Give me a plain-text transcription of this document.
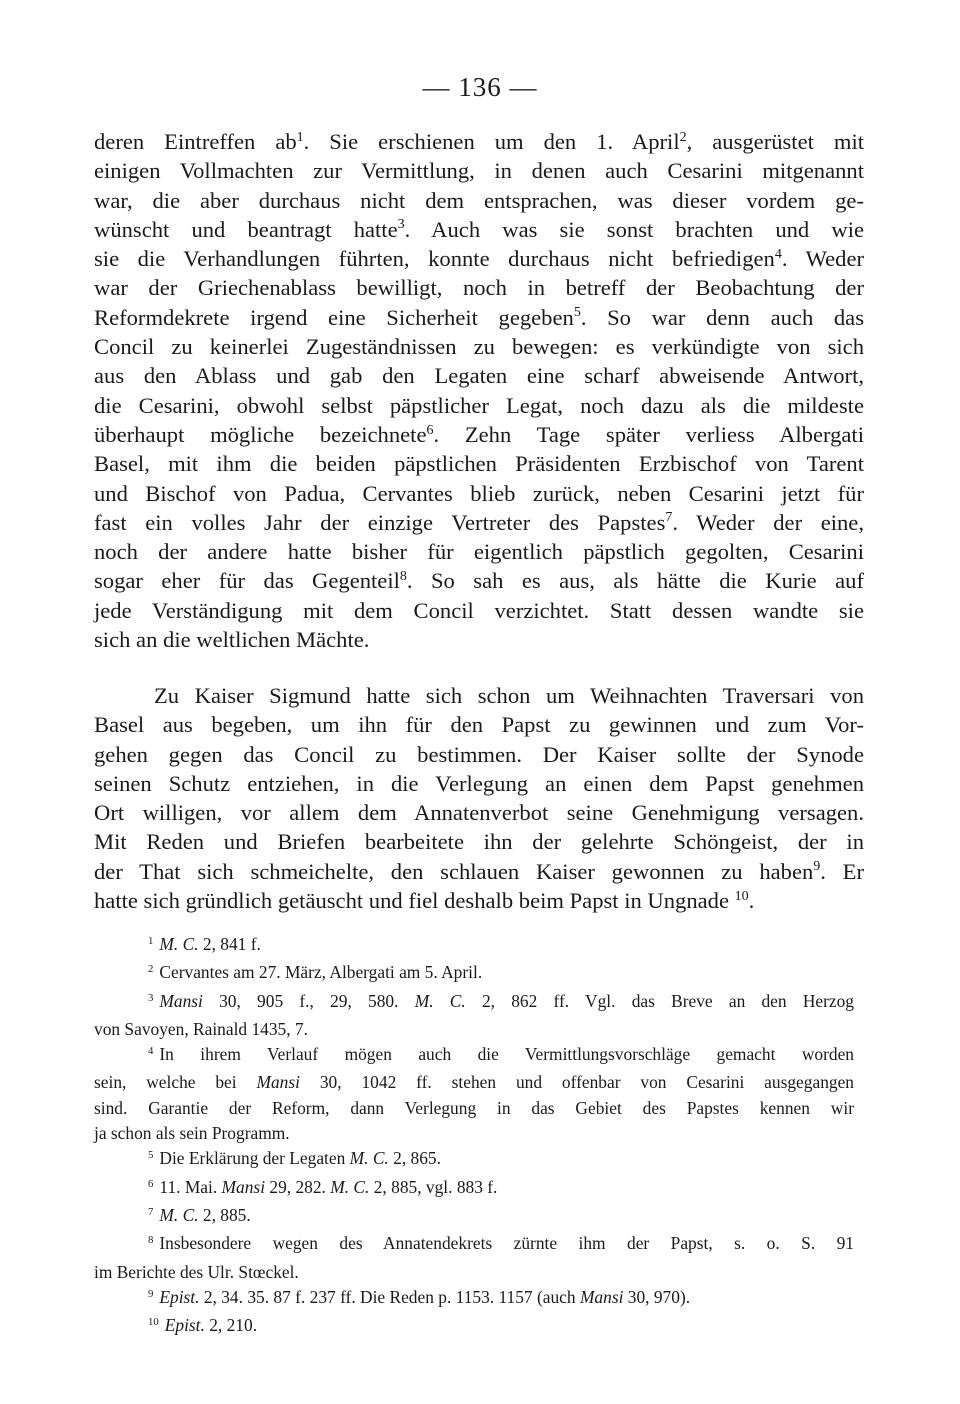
— 136 —
deren Eintreffen $ab^1$. Sie erschienen um den 1. April$^2$, ausgerüstet mit
einigen Vollmachten zur Vermittlung, in denen auch Cesarini mitgenannt
war, die aber durchaus nicht dem entsprachen, was dieser vordem ge-
wünscht und beantragt hatte$^3$. Auch was sie sonst brachten und wie
sie die Verhandlungen führten, konnte durchaus nicht befriedigen$^4$. Weder
war der Griechenablass bewilligt, noch in betreff der Beobachtung der
Reformdekrete irgend eine Sicherheit gegeben$^5$. So war denn auch das
Concil zu keinerlei Zugeständnissen zu bewegen: es verkündigte von sich
aus den Ablass und gab den Legaten eine scharf abweisende Antwort,
die Cesarini, obwohl selbst päpstlicher Legat, noch dazu als die mildeste
überhaupt mögliche bezeichnete$^6$. Zehn Tage später verliess Albergati
Basel, mit ihm die beiden päpstlichen Präsidenten Erzbischof von Tarent
und Bischof von Padua, Cervantes blieb zurück, neben Cesarini jetzt für
fast ein volles Jahr der einzige Vertreter des Papstes$^7$. Weder der eine,
noch der andere hatte bisher für eigentlich päpstlich gegolten, Cesarini
sogar eher für das Gegenteil$^8$. So sah es aus, als hätte die Kurie auf
jede Verständigung mit dem Concil verzichtet. Statt dessen wandte sie
sich an die weltlichen Mächte.
Zu Kaiser Sigmund hatte sich schon um Weihnachten Traversari von
Basel aus begeben, um ihn für den Papst zu gewinnen und zum Vor-
gehen gegen das Concil zu bestimmen. Der Kaiser sollte der Synode
seinen Schutz entziehen, in die Verlegung an einen dem Papst genehmen
Ort willigen, vor allem dem Annatenverbot seine Genehmigung versagen.
Mit Reden und Briefen bearbeitete ihn der gelehrte Schöngeist, der in
der That sich schmeichelte, den schlauen Kaiser gewonnen zu haben$^9$. Er
hatte sich gründlich getäuscht und fiel deshalb beim Papst in Ungnade $^{10}$.
$^1$ M. C. 2, 841 f.
$^2$ Cervantes am 27. März, Albergati am 5. April.
$^3$ Mansi 30, 905 f., 29, 580. M. C. 2, 862 ff. Vgl. das Breve an den Herzog
von Savoyen, Rainald 1435, 7.
$^4$ In ihrem Verlauf mögen auch die Vermittlungsvorschläge gemacht worden
sein, welche bei Mansi 30, 1042 ff. stehen und offenbar von Cesarini ausgegangen
sind. Garantie der Reform, dann Verlegung in das Gebiet des Papstes kennen wir
ja schon als sein Programm.
$^5$ Die Erklärung der Legaten M. C. 2, 865.
$^6$ 11. Mai. Mansi 29, 282. M. C. 2, 885, vgl. 883 f.
$^7$ M. C. 2, 885.
$^8$ Insbesondere wegen des Annatendekrets zürnte ihm der Papst, s. o. S. 91
im Berichte des Ulr. Stœckel.
$^9$ Epist. 2, 34. 35. 87 f. 237 ff. Die Reden p. 1153. 1157 (auch Mansi 30, 970).
$^{10}$ Epist. 2, 210.
